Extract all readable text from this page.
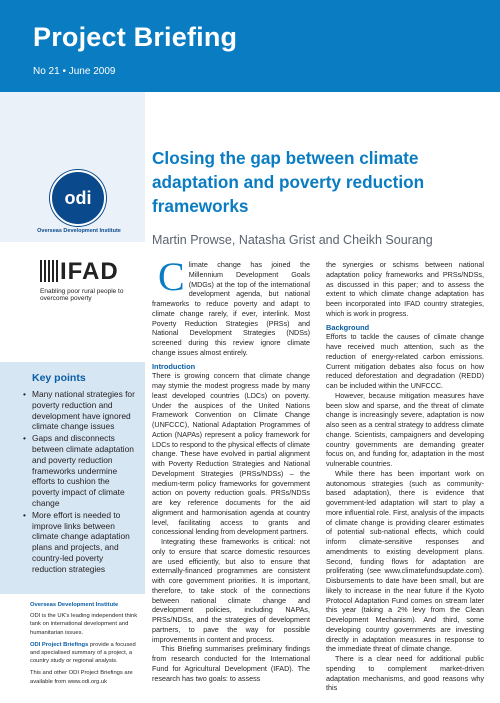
Project Briefing
No 21 • June 2009
odi
Overseas Development Institute
IFAD
Enabling poor rural people to overcome poverty
Key points
• Many national strategies for poverty reduction and development have ignored climate change issues
• Gaps and disconnects between climate adaptation and poverty reduction frameworks undermine efforts to cushion the poverty impact of climate change
• More effort is needed to improve links between climate change adaptation plans and projects, and country-led poverty reduction strategies
Overseas Development Institute

ODI is the UK's leading independent think tank on international development and humanitarian issues.

ODI Project Briefings provide a focused and specialised summary of a project, a country study or regional analysis.

This and other ODI Project Briefings are available from www.odi.org.uk

Closing the gap between climate adaptation and poverty reduction frameworks
Martin Prowse, Natasha Grist and Cheikh Sourang

Climate change has joined the Millennium Development Goals (MDGs) at the top of the international development agenda, but national frameworks to reduce poverty and adapt to climate change rarely, if ever, interlink. Most Poverty Reduction Strategies (PRSs) and National Development Strategies (NDSs) screened during this review ignore climate change issues almost entirely.

Introduction

There is growing concern that climate change may stymie the modest progress made by many least developed countries (LDCs) on poverty. Under the auspices of the United Nations Framework Convention on Climate Change (UNFCCC), National Adaptation Programmes of Action (NAPAs) represent a policy framework for LDCs to respond to the physical effects of climate change. These have evolved in partial alignment with Poverty Reduction Strategies and National Development Strategies (PRSs/NDSs) – the medium-term policy frameworks for government action on poverty reduction goals. PRSs/NDSs are key reference documents for the aid alignment and harmonisation agenda at country level, facilitating access to grants and concessional lending from development partners.

Integrating these frameworks is critical: not only to ensure that scarce domestic resources are used efficiently, but also to ensure that externally-financed programmes are consistent with core government priorities. It is important, therefore, to take stock of the connections between national climate change and development policies, including NAPAs, PRSs/NDSs, and the strategies of development partners, to pave the way for possible improvements in content and process.

This Briefing summarises preliminary findings from research conducted for the International Fund for Agricultural Development (IFAD). The research has two goals: to assess

the synergies or schisms between national adaptation policy frameworks and PRSs/NDSs, as discussed in this paper; and to assess the extent to which climate change adaptation has been incorporated into IFAD country strategies, which is work in progress.

Background

Efforts to tackle the causes of climate change have received much attention, such as the reduction of energy-related carbon emissions. Current mitigation debates also focus on how reduced deforestation and degradation (REDD) can be included within the UNFCCC.

However, because mitigation measures have been slow and sparse, and the threat of climate change is increasingly severe, adaptation is now also seen as a central strategy to address climate change. Scientists, campaigners and developing country governments are demanding greater focus on, and funding for, adaptation in the most vulnerable countries.

While there has been important work on autonomous strategies (such as community-based adaptation), there is evidence that government-led adaptation will start to play a more influential role. First, analysis of the impacts of climate change is providing clearer estimates of potential sub-national effects, which could inform climate-sensitive responses and amendments to existing development plans. Second, funding flows for adaptation are proliferating (see www.climatefundsupdate.com). Disbursements to date have been small, but are likely to increase in the near future if the Kyoto Protocol Adaptation Fund comes on stream later this year (taking a 2% levy from the Clean Development Mechanism). And third, some developing country governments are investing directly in adaptation measures in response to the immediate threat of climate change.

There is a clear need for additional public spending to complement market-driven adaptation mechanisms, and good reasons why this
